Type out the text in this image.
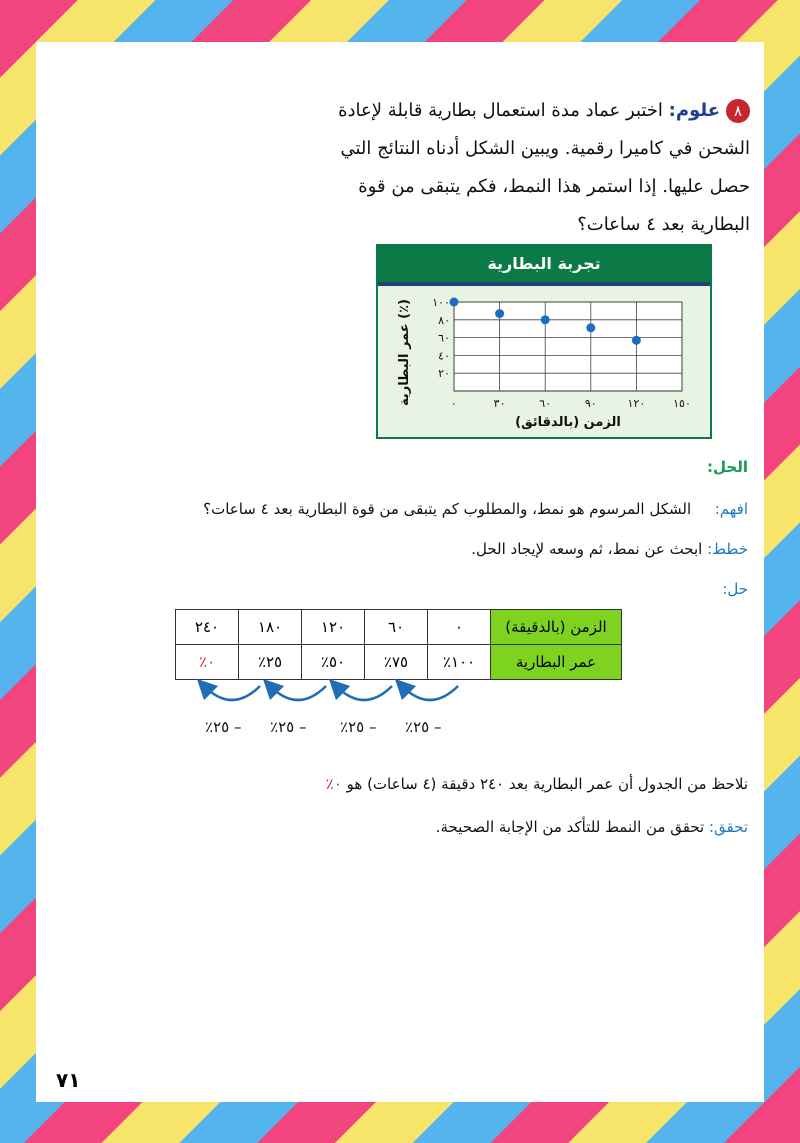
٨علوم: اختبر عماد مدة استعمال بطارية قابلة لإعادة الشحن في كاميرا رقمية. ويبين الشكل أدناه النتائج التي حصل عليها. إذا استمر هذا النمط، فكم يتبقى من قوة البطارية بعد ٤ ساعات؟
تجربة البطارية
٠	٣٠	٦٠	٩٠	١٢٠	١٥٠
٢٠
٤٠
٦٠
٨٠
١٠٠
الزمن (بالدقائق)
عمر البطارية (٪)
الحل:
افهم:  الشكل المرسوم هو نمط، والمطلوب كم يتبقى من قوة البطارية بعد ٤ ساعات؟
خطط: ابحث عن نمط، ثم وسعه لإيجاد الحل.
حل:
الزمن (بالدقيقة)	٠	٦٠	١٢٠	١٨٠	٢٤٠
عمر البطارية	١٠٠٪	٧٥٪	٥٠٪	٢٥٪	٠٪
– ٢٥٪
– ٢٥٪
– ٢٥٪
– ٢٥٪
نلاحظ من الجدول أن عمر البطارية بعد ٢٤٠ دقيقة (٤ ساعات) هو ٠٪
تحقق: تحقق من النمط للتأكد من الإجابة الصحيحة.
٧١
